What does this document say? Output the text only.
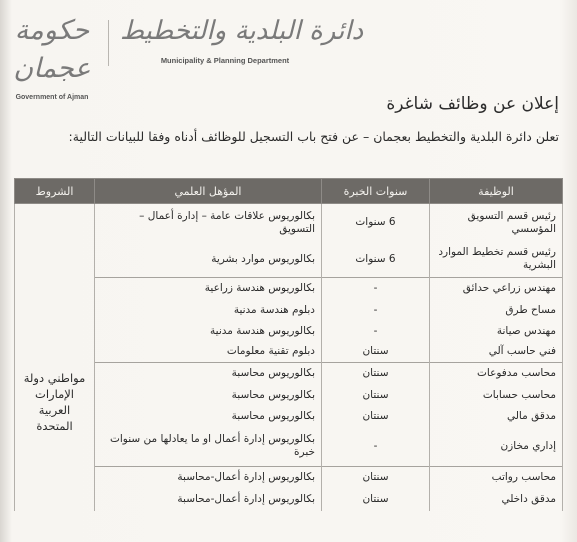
حكومة عجمان
Government of Ajman
دائرة البلدية والتخطيط
Municipality & Planning Department
إعلان عن وظائف شاغرة
تعلن دائرة البلدية والتخطيط بعجمان – عن فتح باب التسجيل للوظائف أدناه وفقا للبيانات التالية:
الوظيفة	سنوات الخبرة	المؤهل العلمي	الشروط
رئيس قسم التسويق المؤسسي	6 سنوات	بكالوريوس علاقات عامة – إدارة أعمال – التسويق	مواطني دولة الإمارات العربية المتحدة
رئيس قسم تخطيط الموارد البشرية	6 سنوات	بكالوريوس موارد بشرية	
مهندس زراعي حدائق	-	بكالوريوس هندسة زراعية	
مساح طرق	-	دبلوم هندسة مدنية	
مهندس صيانة	-	بكالوريوس هندسة مدنية	
فني حاسب آلي	سنتان	دبلوم تقنية معلومات	
محاسب مدفوعات	سنتان	بكالوريوس محاسبة	
محاسب حسابات	سنتان	بكالوريوس محاسبة	
مدقق مالي	سنتان	بكالوريوس محاسبة	
إداري مخازن	-	بكالوريوس إدارة أعمال او ما يعادلها من سنوات خبرة	
محاسب رواتب	سنتان	بكالوريوس إدارة أعمال-محاسبة	
مدقق داخلي	سنتان	بكالوريوس إدارة أعمال-محاسبة	
